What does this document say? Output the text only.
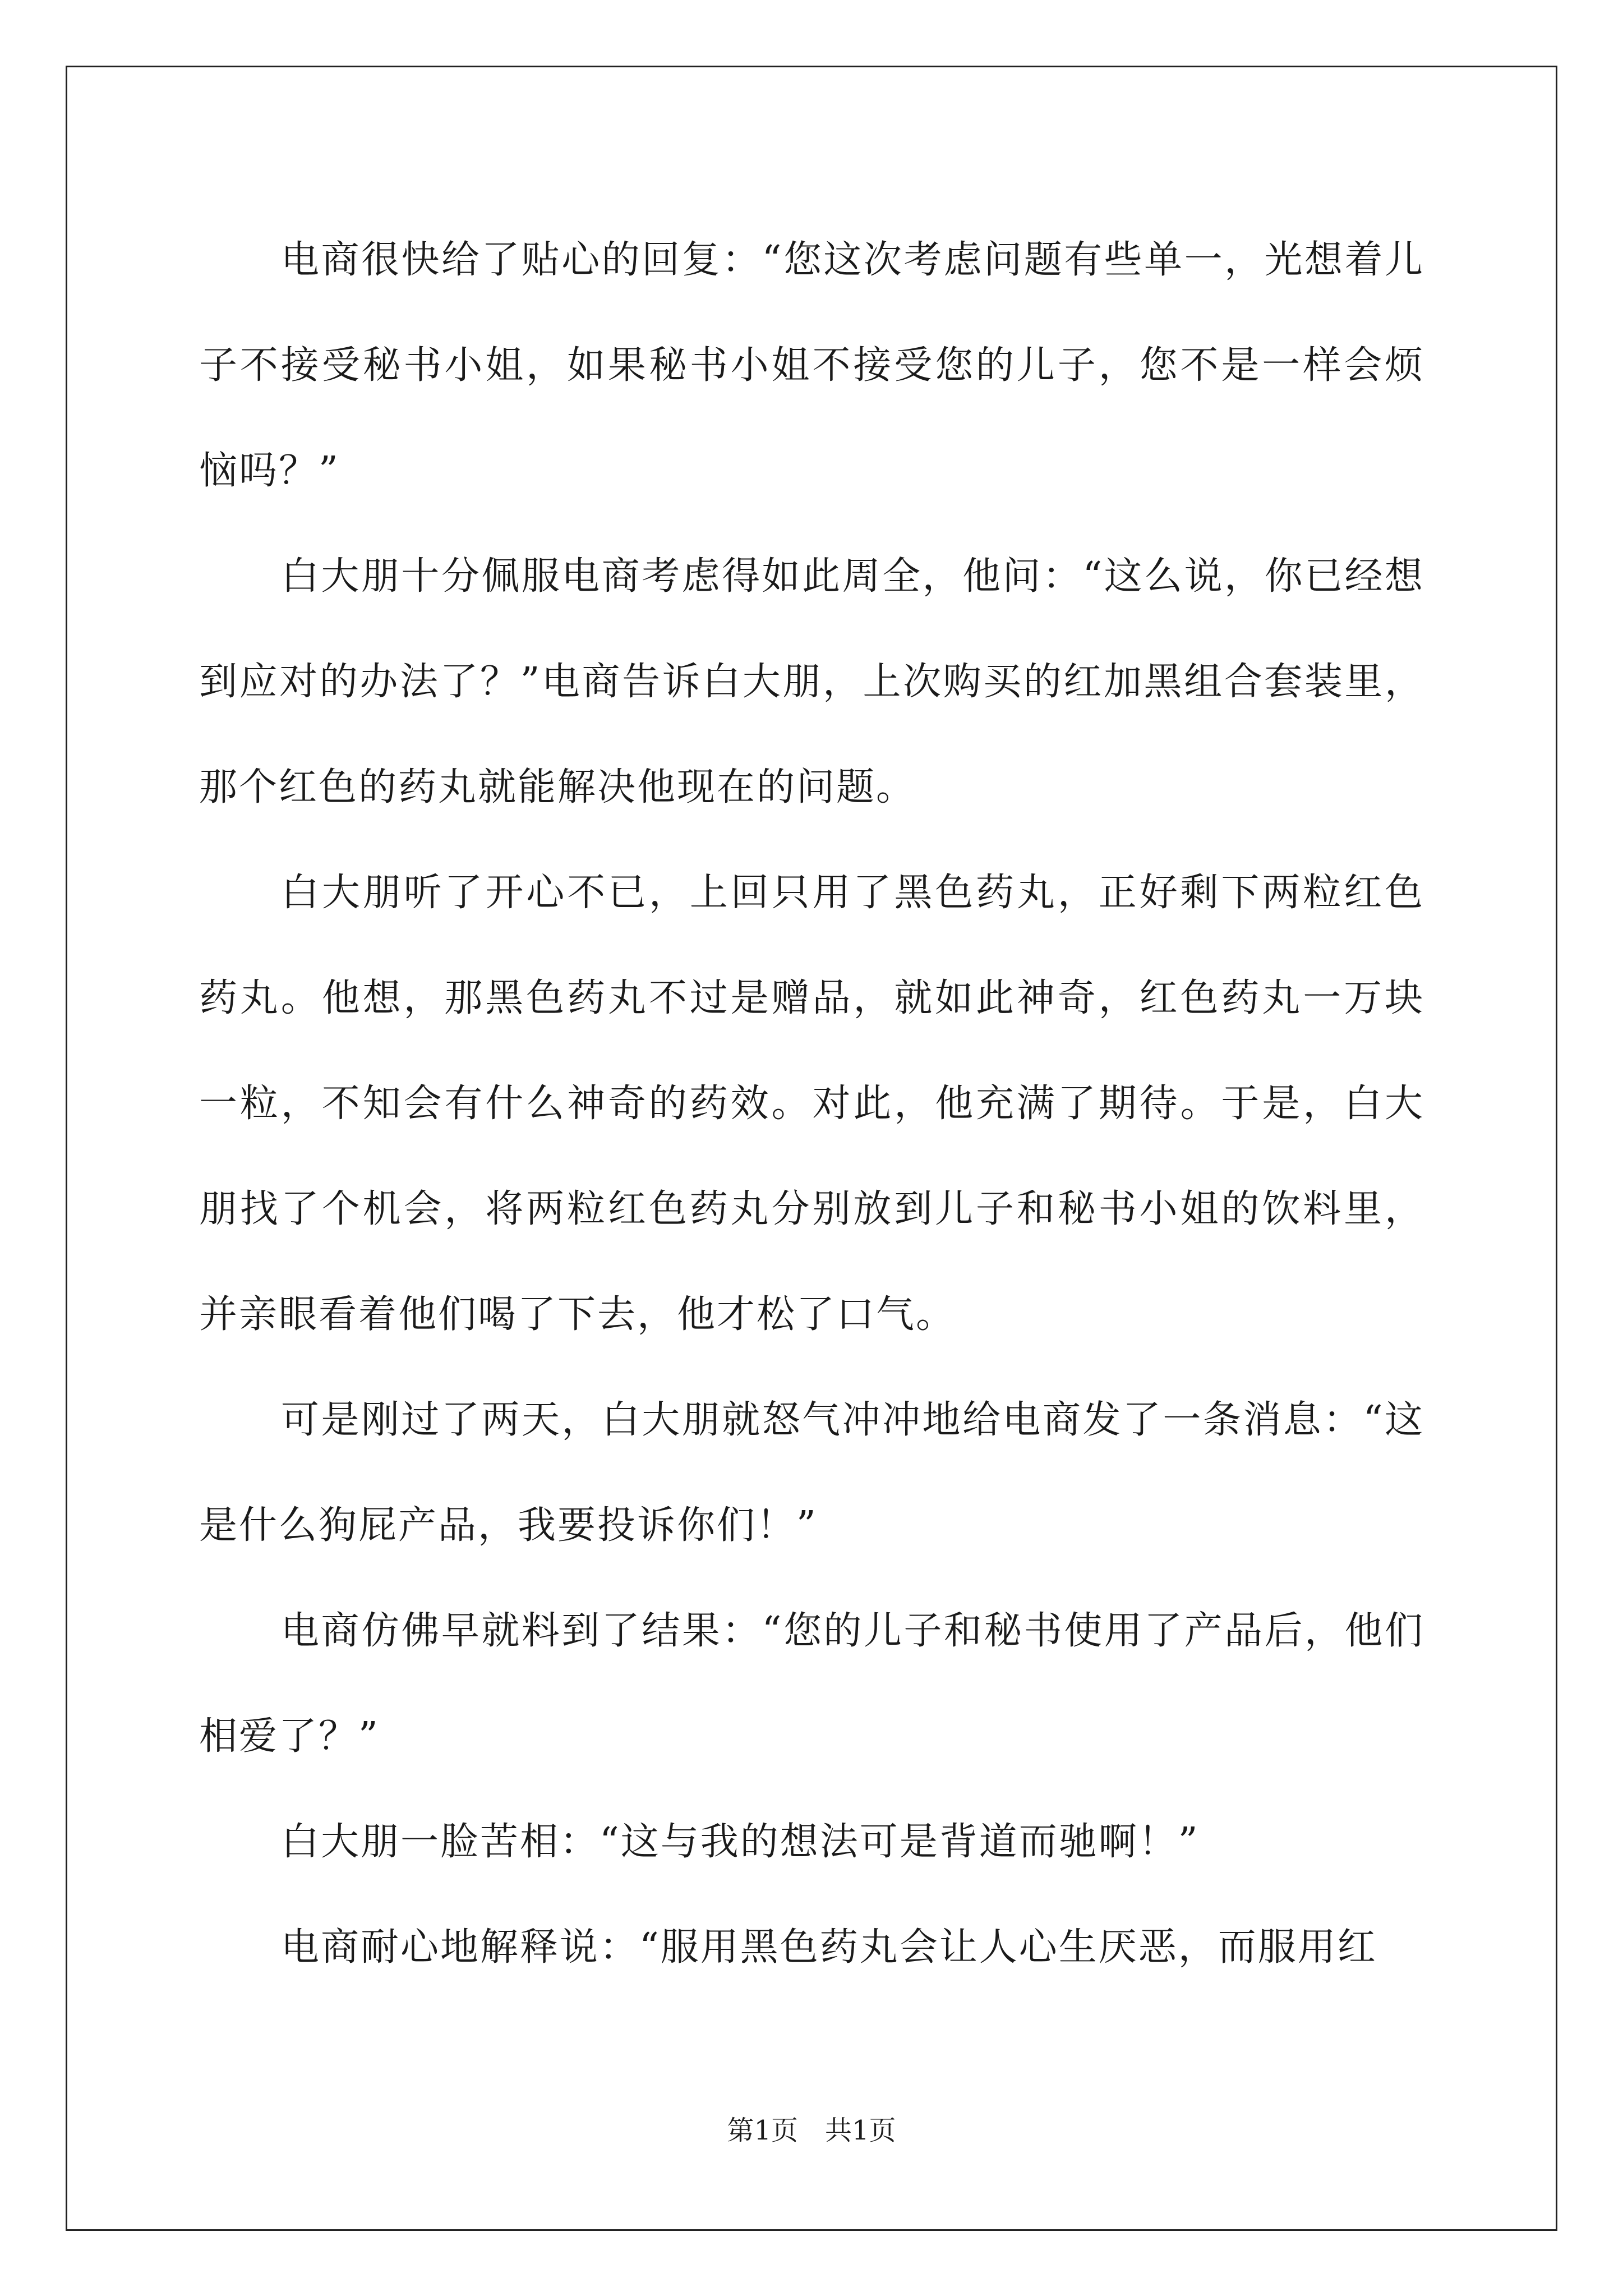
电商很快给了贴心的回复：“您这次考虑问题有些单一，光想着儿子不接受秘书小姐，如果秘书小姐不接受您的儿子，您不是一样会烦恼吗？”

白大朋十分佩服电商考虑得如此周全，他问：“这么说，你已经想到应对的办法了？”电商告诉白大朋，上次购买的红加黑组合套装里，那个红色的药丸就能解决他现在的问题。

白大朋听了开心不已，上回只用了黑色药丸，正好剩下两粒红色药丸。他想，那黑色药丸不过是赠品，就如此神奇，红色药丸一万块一粒，不知会有什么神奇的药效。对此，他充满了期待。于是，白大朋找了个机会，将两粒红色药丸分别放到儿子和秘书小姐的饮料里，并亲眼看着他们喝了下去，他才松了口气。

可是刚过了两天，白大朋就怒气冲冲地给电商发了一条消息：“这是什么狗屁产品，我要投诉你们！”

电商仿佛早就料到了结果：“您的儿子和秘书使用了产品后，他们相爱了？”

白大朋一脸苦相：“这与我的想法可是背道而驰啊！”

电商耐心地解释说：“服用黑色药丸会让人心生厌恶，而服用红

第1页 共1页
